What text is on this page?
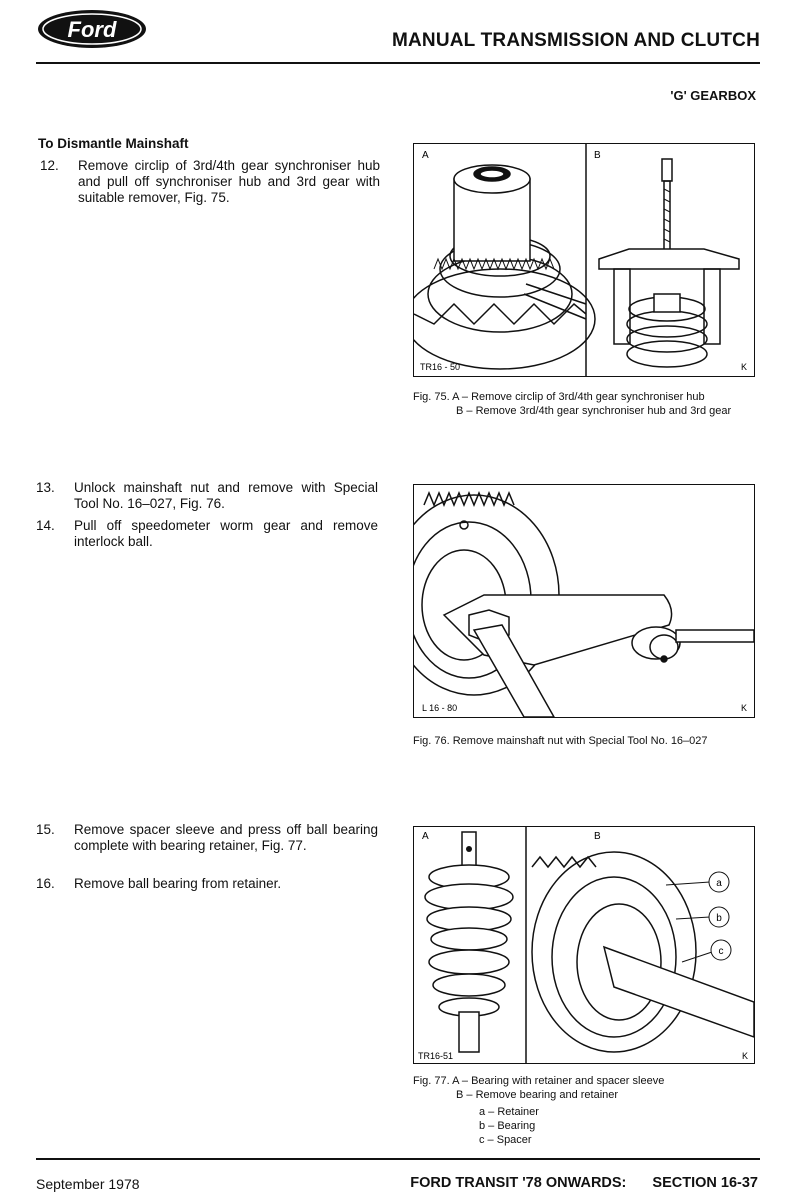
Ford	MANUAL TRANSMISSION AND CLUTCH
'G' GEARBOX
To Dismantle Mainshaft
12. Remove circlip of 3rd/4th gear synchroniser hub and pull off synchroniser hub and 3rd gear with suitable remover, Fig. 75.
13. Unlock mainshaft nut and remove with Special Tool No. 16–027, Fig. 76.
14. Pull off speedometer worm gear and remove interlock ball.
15. Remove spacer sleeve and press off ball bearing complete with bearing retainer, Fig. 77.
16. Remove ball bearing from retainer.
A
TR16 - 50
B
K
Fig. 75. A – Remove circlip of 3rd/4th gear synchroniser hub
B – Remove 3rd/4th gear synchroniser hub and 3rd gear
L 16 - 80	K
Fig. 76. Remove mainshaft nut with Special Tool No. 16–027
A
TR16-51
B
a
b
c
K
Fig. 77. A – Bearing with retainer and spacer sleeve
B – Remove bearing and retainer
a – Retainer
b – Bearing
c – Spacer
September 1978	FORD TRANSIT '78 ONWARDS: SECTION 16-37
